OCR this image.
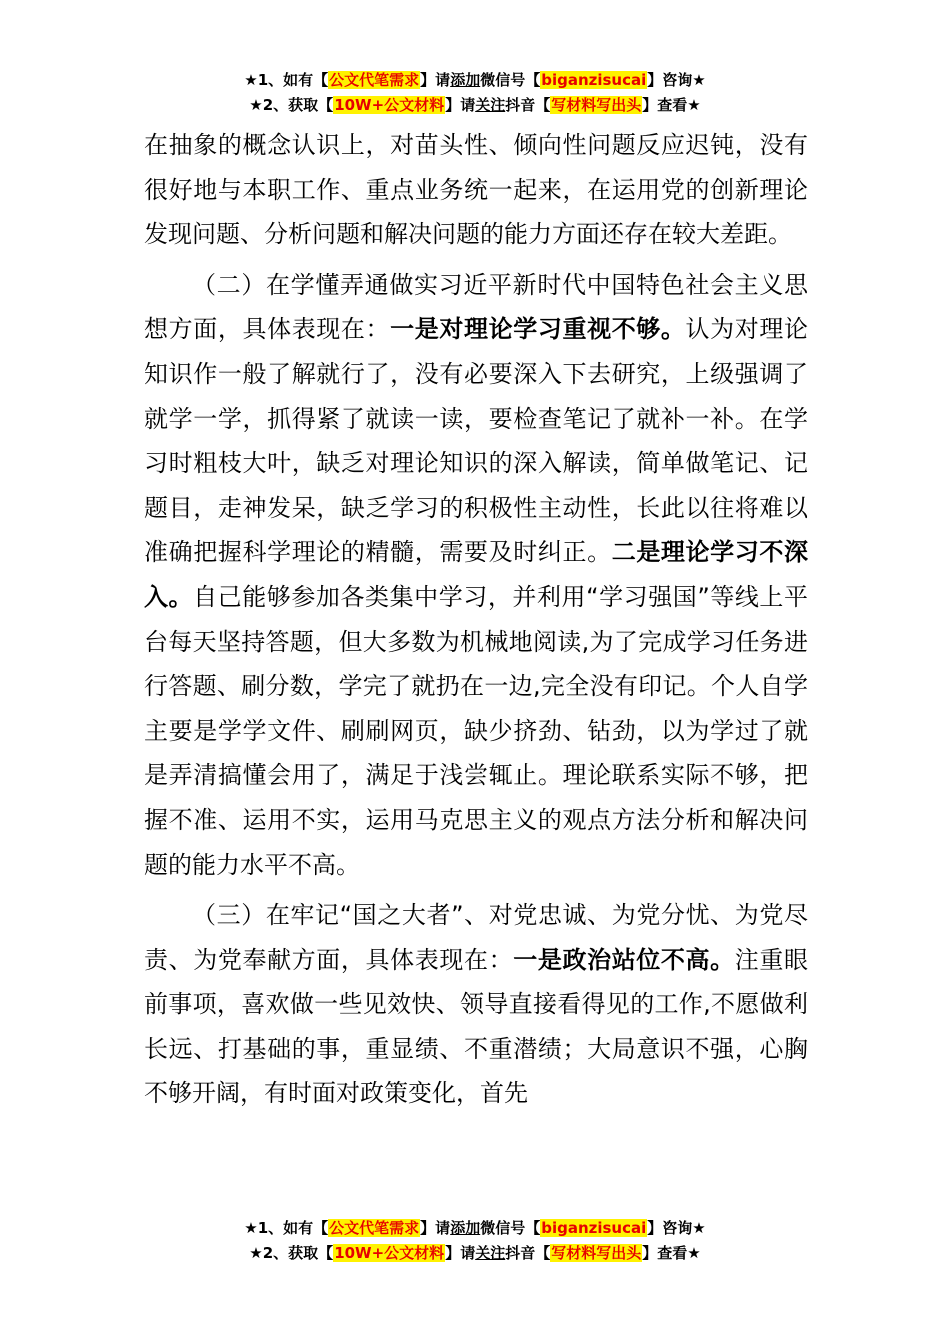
★1、如有【公文代笔需求】请添加微信号【biganzisucai】咨询★
★2、获取【10W+公文材料】请关注抖音【写材料写出头】查看★

在抽象的概念认识上，对苗头性、倾向性问题反应迟钝，没有很好地与本职工作、重点业务统一起来，在运用党的创新理论发现问题、分析问题和解决问题的能力方面还存在较大差距。

（二）在学懂弄通做实习近平新时代中国特色社会主义思想方面，具体表现在：一是对理论学习重视不够。认为对理论知识作一般了解就行了，没有必要深入下去研究，上级强调了就学一学，抓得紧了就读一读，要检查笔记了就补一补。在学习时粗枝大叶，缺乏对理论知识的深入解读，简单做笔记、记题目，走神发呆，缺乏学习的积极性主动性，长此以往将难以准确把握科学理论的精髓，需要及时纠正。二是理论学习不深入。自己能够参加各类集中学习，并利用“学习强国”等线上平台每天坚持答题，但大多数为机械地阅读,为了完成学习任务进行答题、刷分数，学完了就扔在一边,完全没有印记。个人自学主要是学学文件、刷刷网页，缺少挤劲、钻劲，以为学过了就是弄清搞懂会用了，满足于浅尝辄止。理论联系实际不够，把握不准、运用不实，运用马克思主义的观点方法分析和解决问题的能力水平不高。

（三）在牢记“国之大者”、对党忠诚、为党分忧、为党尽责、为党奉献方面，具体表现在：一是政治站位不高。注重眼前事项，喜欢做一些见效快、领导直接看得见的工作,不愿做利长远、打基础的事，重显绩、不重潜绩；大局意识不强，心胸不够开阔，有时面对政策变化，首先

★1、如有【公文代笔需求】请添加微信号【biganzisucai】咨询★
★2、获取【10W+公文材料】请关注抖音【写材料写出头】查看★
